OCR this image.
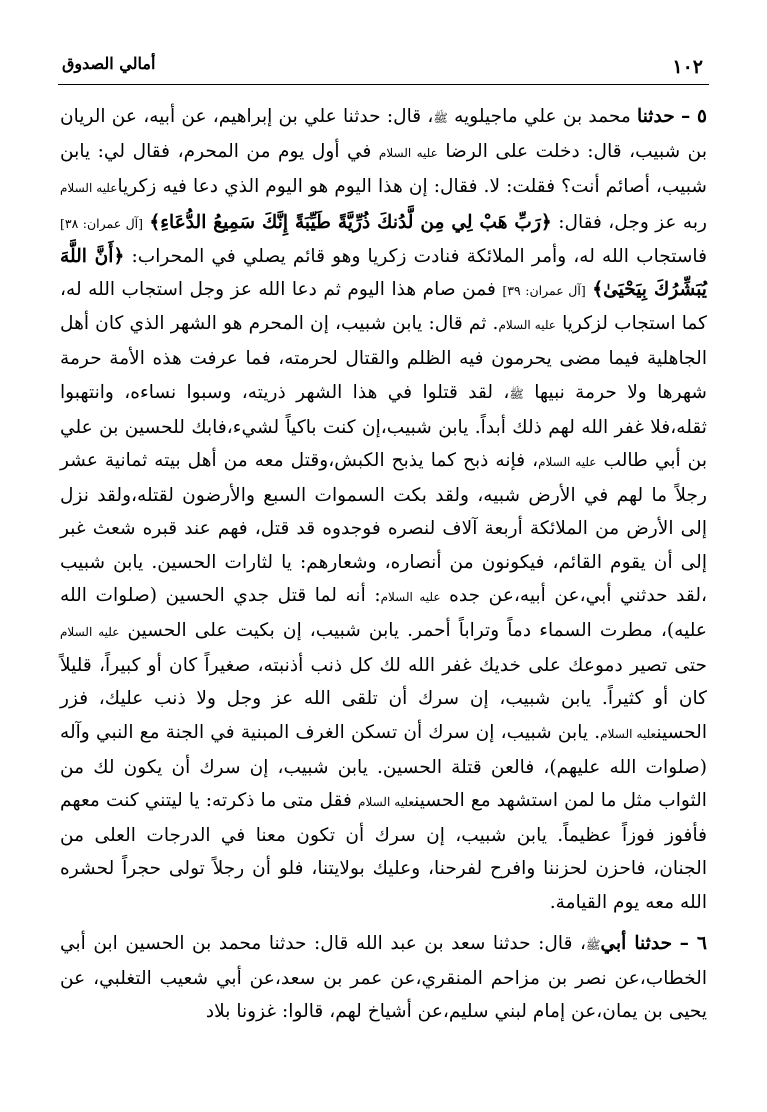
أمالي الصدوق	١٠٢

٥ – حدثنا محمد بن علي ماجيلويه ﷺ، قال: حدثنا علي بن إبراهيم، عن أبيه، عن الريان بن شبيب، قال: دخلت على الرضا عليه السلام في أول يوم من المحرم، فقال لي: يابن شبيب، أصائم أنت؟ فقلت: لا. فقال: إن هذا اليوم هو اليوم الذي دعا فيه زكرياعليه السلام ربه عز وجل، فقال: ﴿رَبِّ هَبْ لِي مِن لَّدُنكَ ذُرِّيَّةً طَيِّبَةً إِنَّكَ سَمِيعُ الدُّعَاءِ﴾ [آل عمران: ٣٨] فاستجاب الله له، وأمر الملائكة فنادت زكريا وهو قائم يصلي في المحراب: ﴿أَنَّ اللَّهَ يُبَشِّرُكَ بِيَحْيَىٰ﴾ [آل عمران: ٣٩] فمن صام هذا اليوم ثم دعا الله عز وجل استجاب الله له، كما استجاب لزكريا عليه السلام. ثم قال: يابن شبيب، إن المحرم هو الشهر الذي كان أهل الجاهلية فيما مضى يحرمون فيه الظلم والقتال لحرمته، فما عرفت هذه الأمة حرمة شهرها ولا حرمة نبيها ﷺ، لقد قتلوا في هذا الشهر ذريته، وسبوا نساءه، وانتهبوا ثقله،فلا غفر الله لهم ذلك أبداً. يابن شبيب،إن كنت باكياً لشيء،فابك للحسين بن علي بن أبي طالب عليه السلام، فإنه ذبح كما يذبح الكبش،وقتل معه من أهل بيته ثمانية عشر رجلاً ما لهم في الأرض شبيه، ولقد بكت السموات السبع والأرضون لقتله،ولقد نزل إلى الأرض من الملائكة أربعة آلاف لنصره فوجدوه قد قتل، فهم عند قبره شعث غبر إلى أن يقوم القائم، فيكونون من أنصاره، وشعارهم: يا لثارات الحسين. يابن شبيب ،لقد حدثني أبي،عن أبيه،عن جده عليه السلام: أنه لما قتل جدي الحسين (صلوات الله عليه)، مطرت السماء دماً وتراباً أحمر. يابن شبيب، إن بكيت على الحسين عليه السلام حتى تصير دموعك على خديك غفر الله لك كل ذنب أذنبته، صغيراً كان أو كبيراً، قليلاً كان أو كثيراً. يابن شبيب، إن سرك أن تلقى الله عز وجل ولا ذنب عليك، فزر الحسينعليه السلام. يابن شبيب، إن سرك أن تسكن الغرف المبنية في الجنة مع النبي وآله (صلوات الله عليهم)، فالعن قتلة الحسين. يابن شبيب، إن سرك أن يكون لك من الثواب مثل ما لمن استشهد مع الحسينعليه السلام فقل متى ما ذكرته: يا ليتني كنت معهم فأفوز فوزاً عظيماً. يابن شبيب، إن سرك أن تكون معنا في الدرجات العلى من الجنان، فاحزن لحزننا وافرح لفرحنا، وعليك بولايتنا، فلو أن رجلاً تولى حجراً لحشره الله معه يوم القيامة.

٦ – حدثنا أبيﷺ، قال: حدثنا سعد بن عبد الله قال: حدثنا محمد بن الحسين ابن أبي الخطاب،عن نصر بن مزاحم المنقري،عن عمر بن سعد،عن أبي شعيب التغلبي، عن يحيى بن يمان،عن إمام لبني سليم،عن أشياخ لهم، قالوا: غزونا بلاد
